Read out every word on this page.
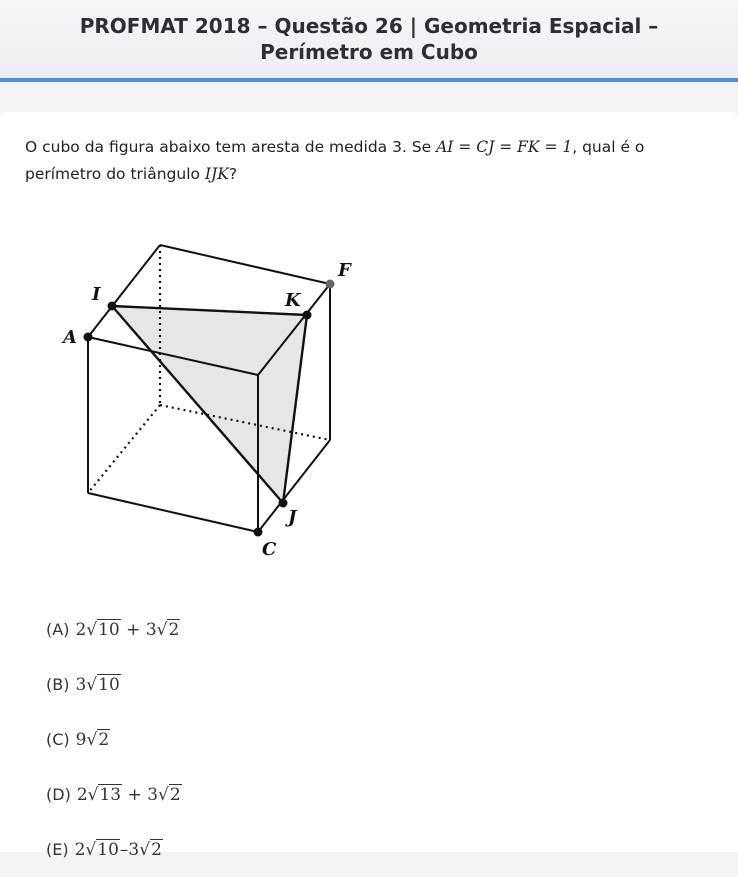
PROFMAT 2018 – Questão 26 | Geometria Espacial – Perímetro em Cubo
O cubo da figura abaixo tem aresta de medida 3. Se AI = CJ = FK = 1, qual é o perímetro do triângulo IJK?
F
I	K
A
J
C
(A) 2√10 + 3√2
(B) 3√10
(C) 9√2
(D) 2√13 + 3√2
(E) 2√10–3√2
